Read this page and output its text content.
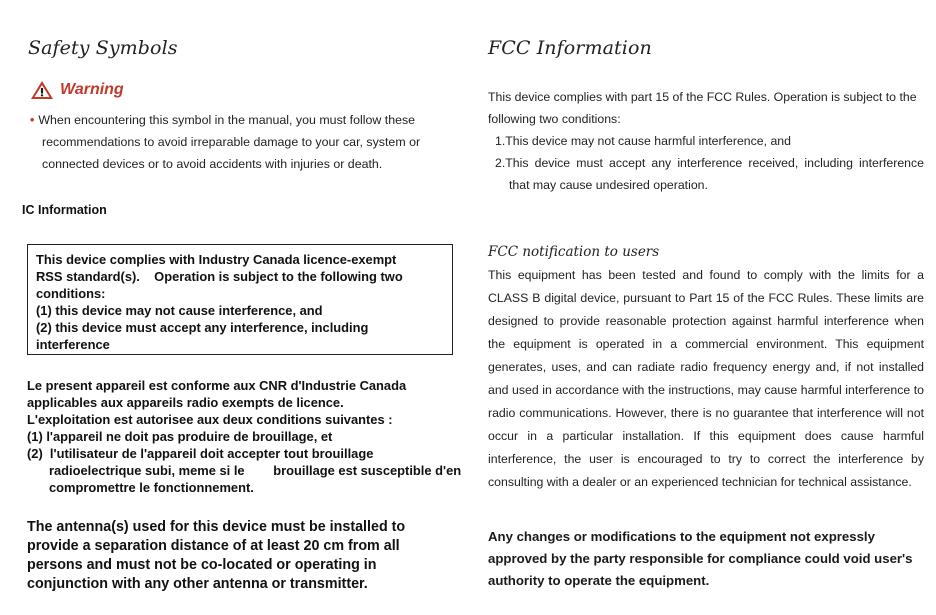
Safety Symbols
Warning
• When encountering this symbol in the manual, you must follow these recommendations to avoid irreparable damage to your car, system or connected devices or to avoid accidents with injuries or death.
IC Information
This device complies with Industry Canada licence-exempt
RSS standard(s).    Operation is subject to the following two
conditions:
(1) this device may not cause interference, and
(2) this device must accept any interference, including
interference
Le present appareil est conforme aux CNR d'Industrie Canada
applicables aux appareils radio exempts de licence.
L'exploitation est autorisee aux deux conditions suivantes :
(1) l'appareil ne doit pas produire de brouillage, et
(2)  l'utilisateur de l'appareil doit accepter tout brouillage radioelectrique subi, meme si le        brouillage est susceptible d'en compromettre le fonctionnement.
The antenna(s) used for this device must be installed to provide a separation distance of at least 20 cm from all persons and must not be co-located or operating in conjunction with any other antenna or transmitter.
FCC Information
This device complies with part 15 of the FCC Rules. Operation is subject to the following two conditions:
1.This device may not cause harmful interference, and
2.This device must accept any interference received, including interference that may cause undesired operation.
FCC notification to users
This equipment has been tested and found to comply with the limits for a CLASS B digital device, pursuant to Part 15 of the FCC Rules. These limits are designed to provide reasonable protection against harmful interference when the equipment is operated in a commercial environment. This equipment generates, uses, and can radiate radio frequency energy and, if not installed and used in accordance with the instructions, may cause harmful interference to radio communications. However, there is no guarantee that interference will not occur in a particular installation. If this equipment does cause harmful interference, the user is encouraged to try to correct the interference by consulting with a dealer or an experienced technician for technical assistance.
Any changes or modifications to the equipment not expressly approved by the party responsible for compliance could void user's authority to operate the equipment.
